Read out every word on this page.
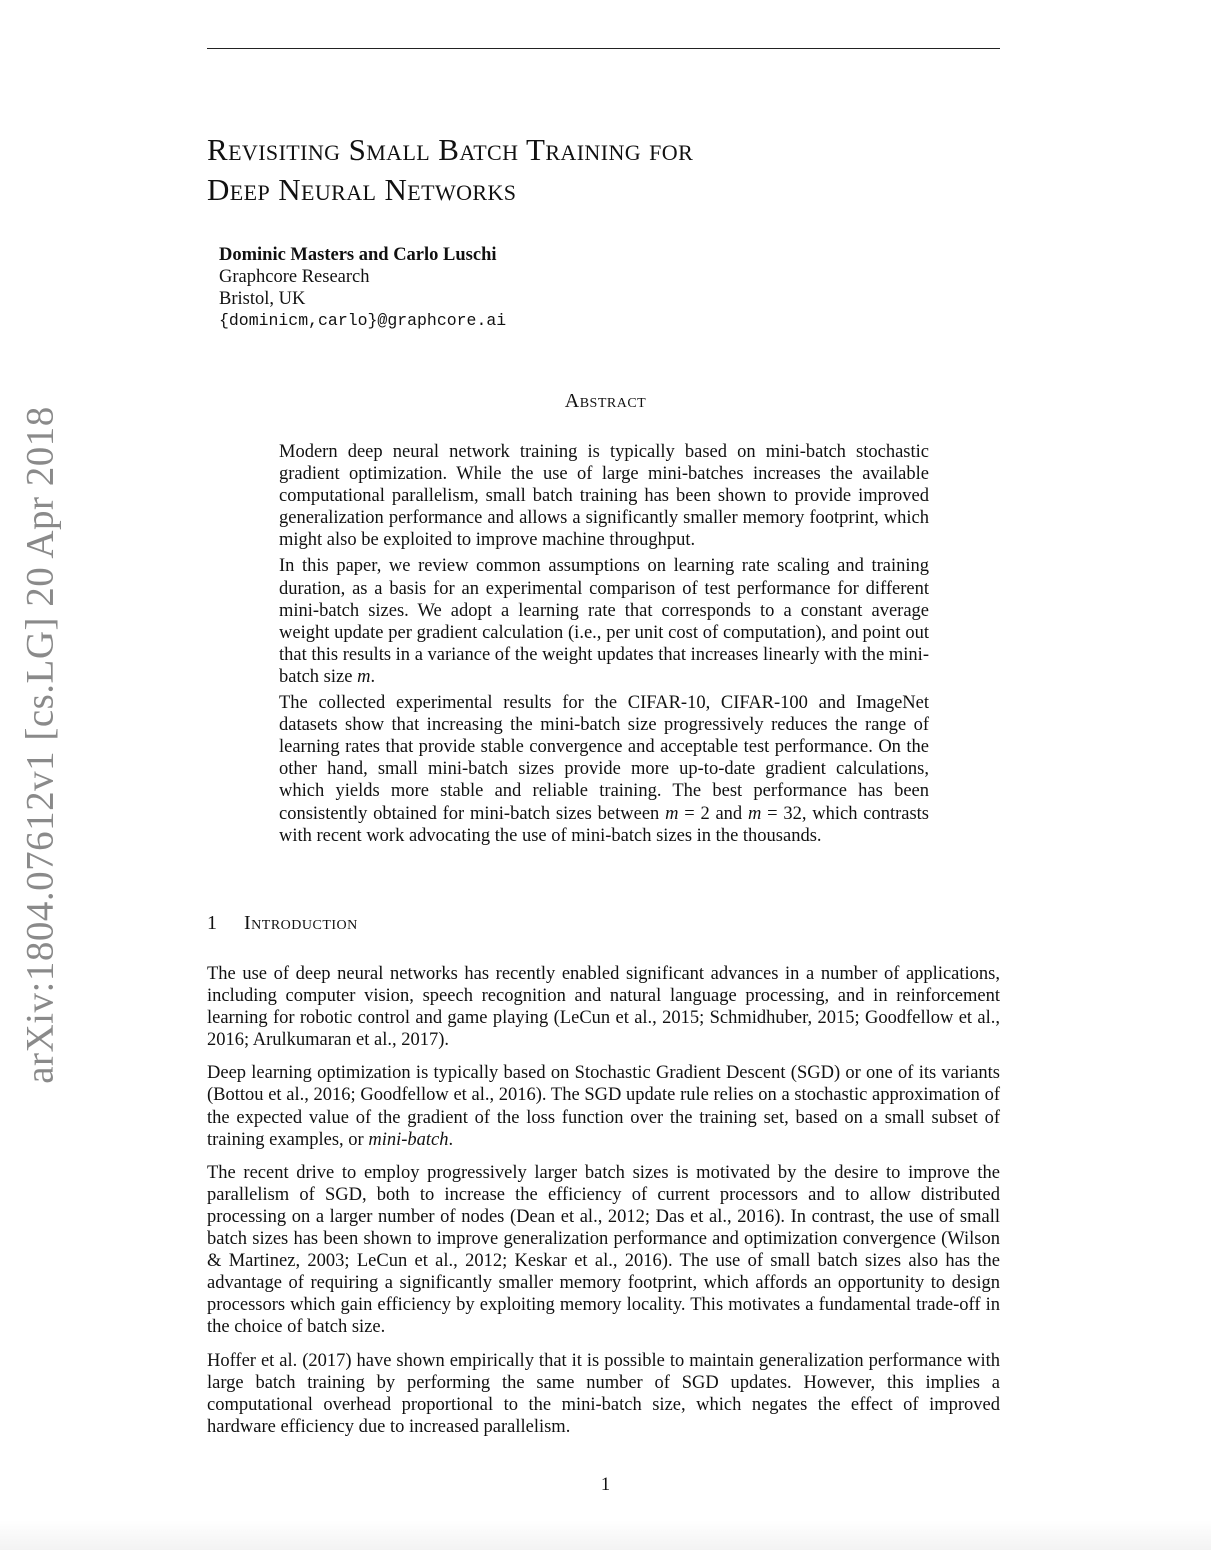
arXiv:1804.07612v1 [cs.LG] 20 Apr 2018
Revisiting Small Batch Training for
Deep Neural Networks
Dominic Masters and Carlo Luschi
Graphcore Research
Bristol, UK
{dominicm,carlo}@graphcore.ai
Abstract

Modern deep neural network training is typically based on mini-batch stochastic gradient optimization. While the use of large mini-batches increases the available computational parallelism, small batch training has been shown to provide improved generalization performance and allows a significantly smaller memory footprint, which might also be exploited to improve machine throughput.

In this paper, we review common assumptions on learning rate scaling and training duration, as a basis for an experimental comparison of test performance for different mini-batch sizes. We adopt a learning rate that corresponds to a constant average weight update per gradient calculation (i.e., per unit cost of computation), and point out that this results in a variance of the weight updates that increases linearly with the mini-batch size m.

The collected experimental results for the CIFAR-10, CIFAR-100 and ImageNet datasets show that increasing the mini-batch size progressively reduces the range of learning rates that provide stable convergence and acceptable test performance. On the other hand, small mini-batch sizes provide more up-to-date gradient calculations, which yields more stable and reliable training. The best performance has been consistently obtained for mini-batch sizes between m = 2 and m = 32, which contrasts with recent work advocating the use of mini-batch sizes in the thousands.

1 Introduction

The use of deep neural networks has recently enabled significant advances in a number of applications, including computer vision, speech recognition and natural language processing, and in reinforcement learning for robotic control and game playing (LeCun et al., 2015; Schmidhuber, 2015; Goodfellow et al., 2016; Arulkumaran et al., 2017).

Deep learning optimization is typically based on Stochastic Gradient Descent (SGD) or one of its variants (Bottou et al., 2016; Goodfellow et al., 2016). The SGD update rule relies on a stochastic approximation of the expected value of the gradient of the loss function over the training set, based on a small subset of training examples, or mini-batch.

The recent drive to employ progressively larger batch sizes is motivated by the desire to improve the parallelism of SGD, both to increase the efficiency of current processors and to allow distributed processing on a larger number of nodes (Dean et al., 2012; Das et al., 2016). In contrast, the use of small batch sizes has been shown to improve generalization performance and optimization convergence (Wilson & Martinez, 2003; LeCun et al., 2012; Keskar et al., 2016). The use of small batch sizes also has the advantage of requiring a significantly smaller memory footprint, which affords an opportunity to design processors which gain efficiency by exploiting memory locality. This motivates a fundamental trade-off in the choice of batch size.

Hoffer et al. (2017) have shown empirically that it is possible to maintain generalization performance with large batch training by performing the same number of SGD updates. However, this implies a computational overhead proportional to the mini-batch size, which negates the effect of improved hardware efficiency due to increased parallelism.

1
